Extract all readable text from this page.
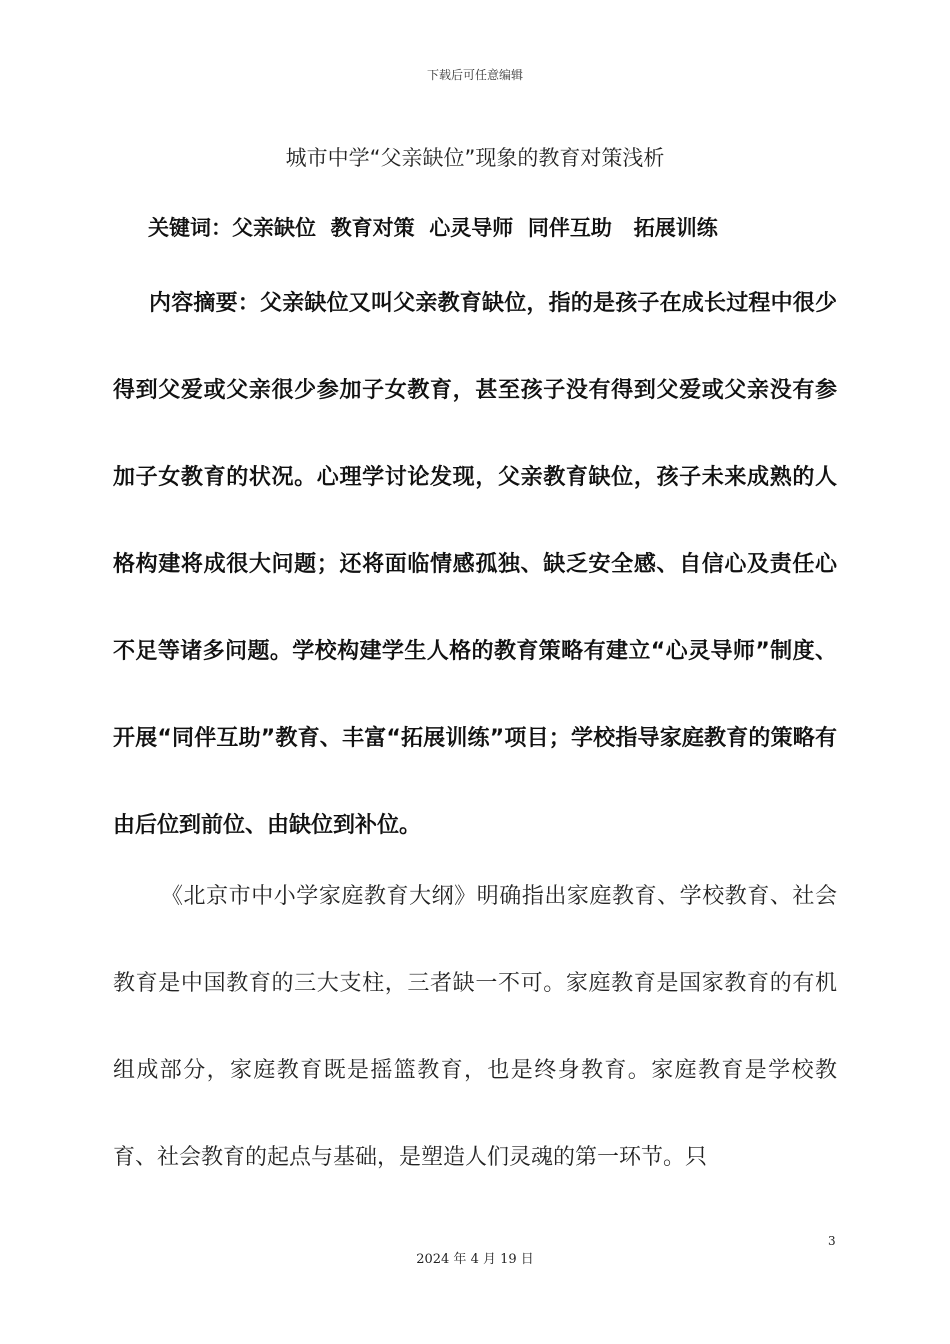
下载后可任意编辑
城市中学“父亲缺位”现象的教育对策浅析

关键词：父亲缺位  教育对策  心灵导师  同伴互助   拓展训练

内容摘要：父亲缺位又叫父亲教育缺位，指的是孩子在成长过程中很少得到父爱或父亲很少参加子女教育，甚至孩子没有得到父爱或父亲没有参加子女教育的状况。心理学讨论发现，父亲教育缺位，孩子未来成熟的人格构建将成很大问题；还将面临情感孤独、缺乏安全感、自信心及责任心不足等诸多问题。学校构建学生人格的教育策略有建立“心灵导师”制度、开展“同伴互助”教育、丰富“拓展训练”项目；学校指导家庭教育的策略有由后位到前位、由缺位到补位。

《北京市中小学家庭教育大纲》明确指出家庭教育、学校教育、社会教育是中国教育的三大支柱，三者缺一不可。家庭教育是国家教育的有机组成部分，家庭教育既是摇篮教育，也是终身教育。家庭教育是学校教育、社会教育的起点与基础，是塑造人们灵魂的第一环节。只

3
2024 年 4 月 19 日
